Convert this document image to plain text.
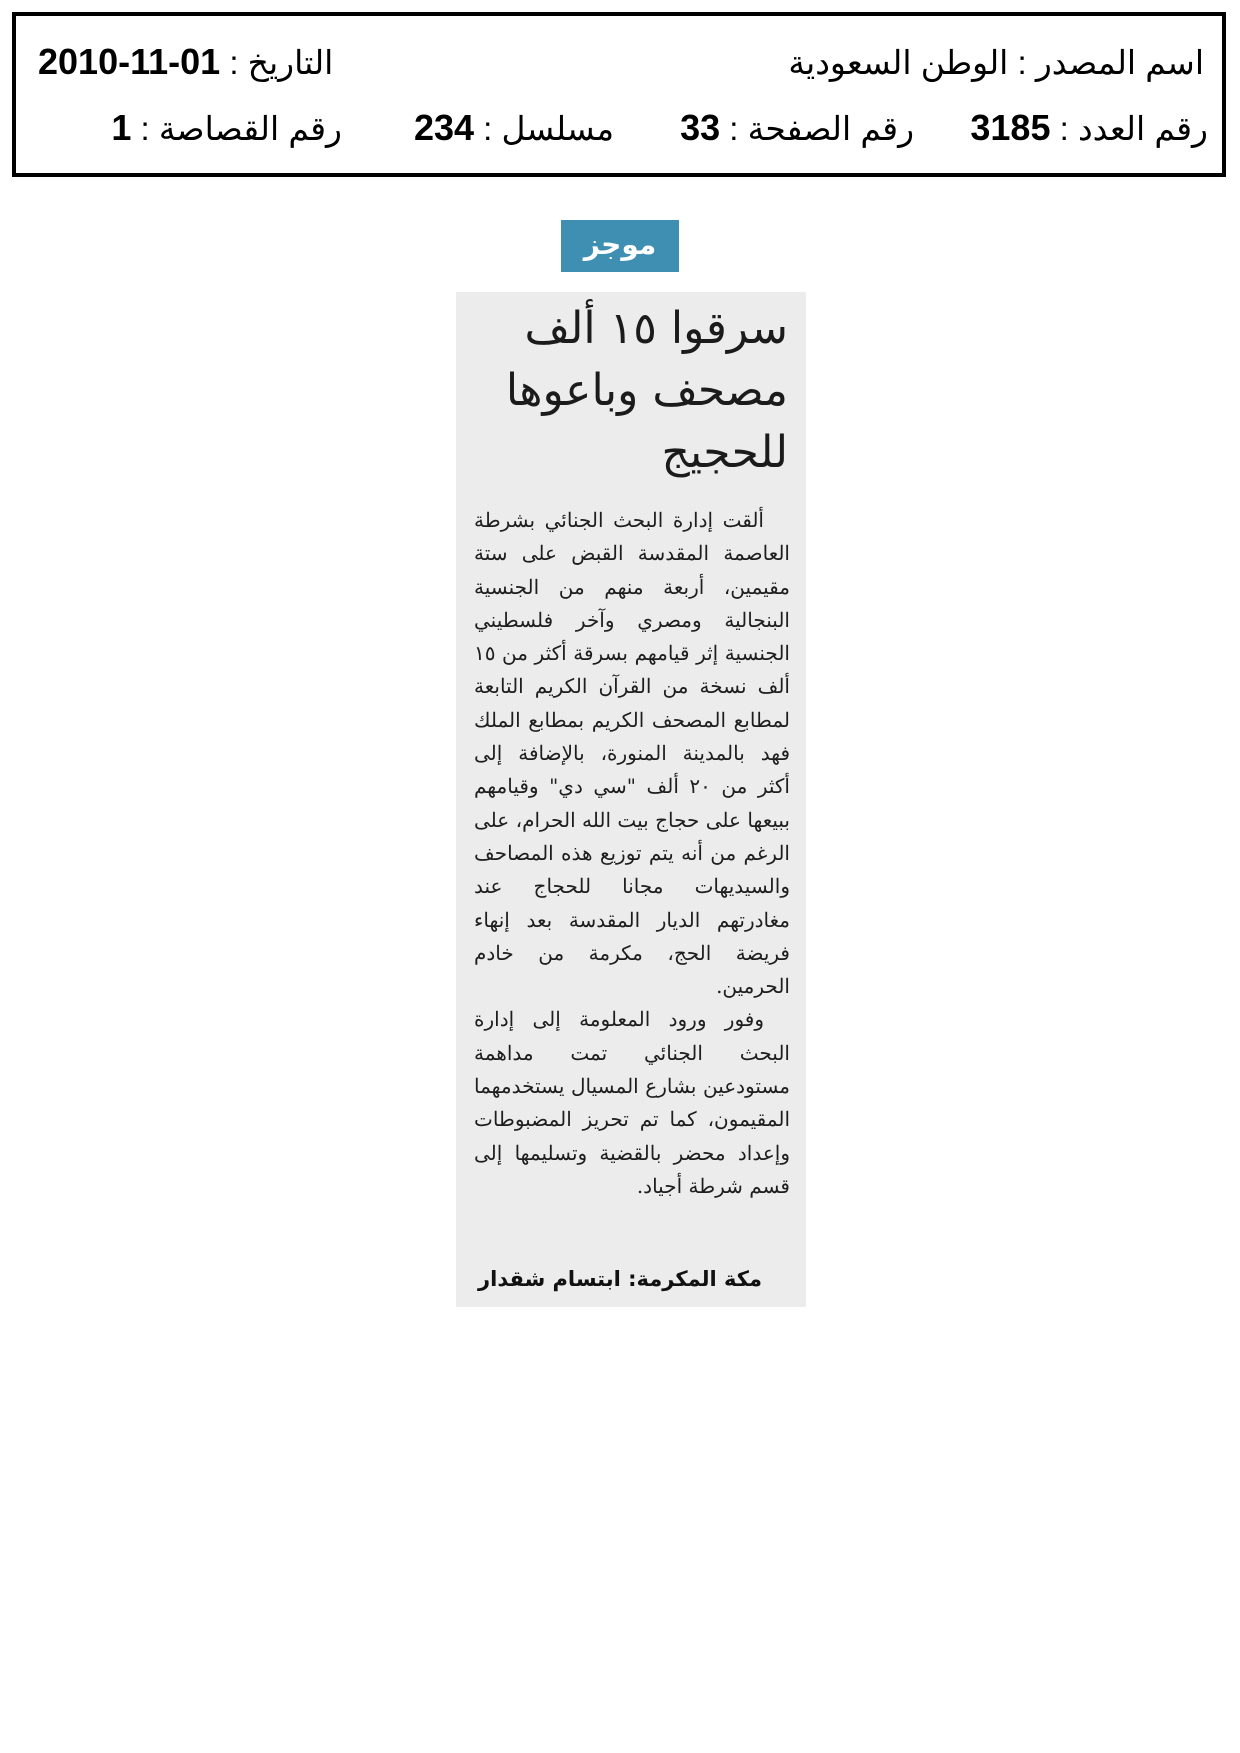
اسم المصدر : الوطن السعودية
التاريخ : 2010-11-01
رقم العدد : 3185
رقم الصفحة : 33
مسلسل : 234
رقم القصاصة : 1
موجز
سرقوا ١٥ ألف
مصحف وباعوها
للحجيج

ألقت إدارة البحث الجنائي بشرطة العاصمة المقدسة القبض على ستة مقيمين، أربعة منهم من الجنسية البنجالية ومصري وآخر فلسطيني الجنسية إثر قيامهم بسرقة أكثر من ١٥ ألف نسخة من القرآن الكريم التابعة لمطابع المصحف الكريم بمطابع الملك فهد بالمدينة المنورة، بالإضافة إلى أكثر من ٢٠ ألف "سي دي" وقيامهم ببيعها على حجاج بيت الله الحرام، على الرغم من أنه يتم توزيع هذه المصاحف والسيديهات مجانا للحجاج عند مغادرتهم الديار المقدسة بعد إنهاء فريضة الحج، مكرمة من خادم الحرمين.

وفور ورود المعلومة إلى إدارة البحث الجنائي تمت مداهمة مستودعين بشارع المسيال يستخدمهما المقيمون، كما تم تحريز المضبوطات وإعداد محضر بالقضية وتسليمها إلى قسم شرطة أجياد.

مكة المكرمة: ابتسام شقدار
